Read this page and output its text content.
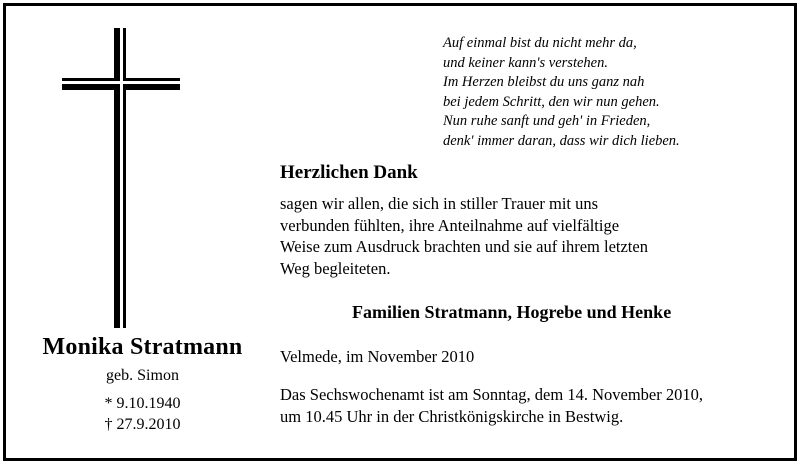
Monika Stratmann
geb. Simon
* 9.10.1940
† 27.9.2010
Auf einmal bist du nicht mehr da,
und keiner kann's verstehen.
Im Herzen bleibst du uns ganz nah
bei jedem Schritt, den wir nun gehen.
Nun ruhe sanft und geh' in Frieden,
denk' immer daran, dass wir dich lieben.
Herzlichen Dank
sagen wir allen, die sich in stiller Trauer mit uns
verbunden fühlten, ihre Anteilnahme auf vielfältige
Weise zum Ausdruck brachten und sie auf ihrem letzten
Weg begleiteten.
Familien Stratmann, Hogrebe und Henke
Velmede, im November 2010
Das Sechswochenamt ist am Sonntag, dem 14. November 2010,
um 10.45 Uhr in der Christkönigskirche in Bestwig.
